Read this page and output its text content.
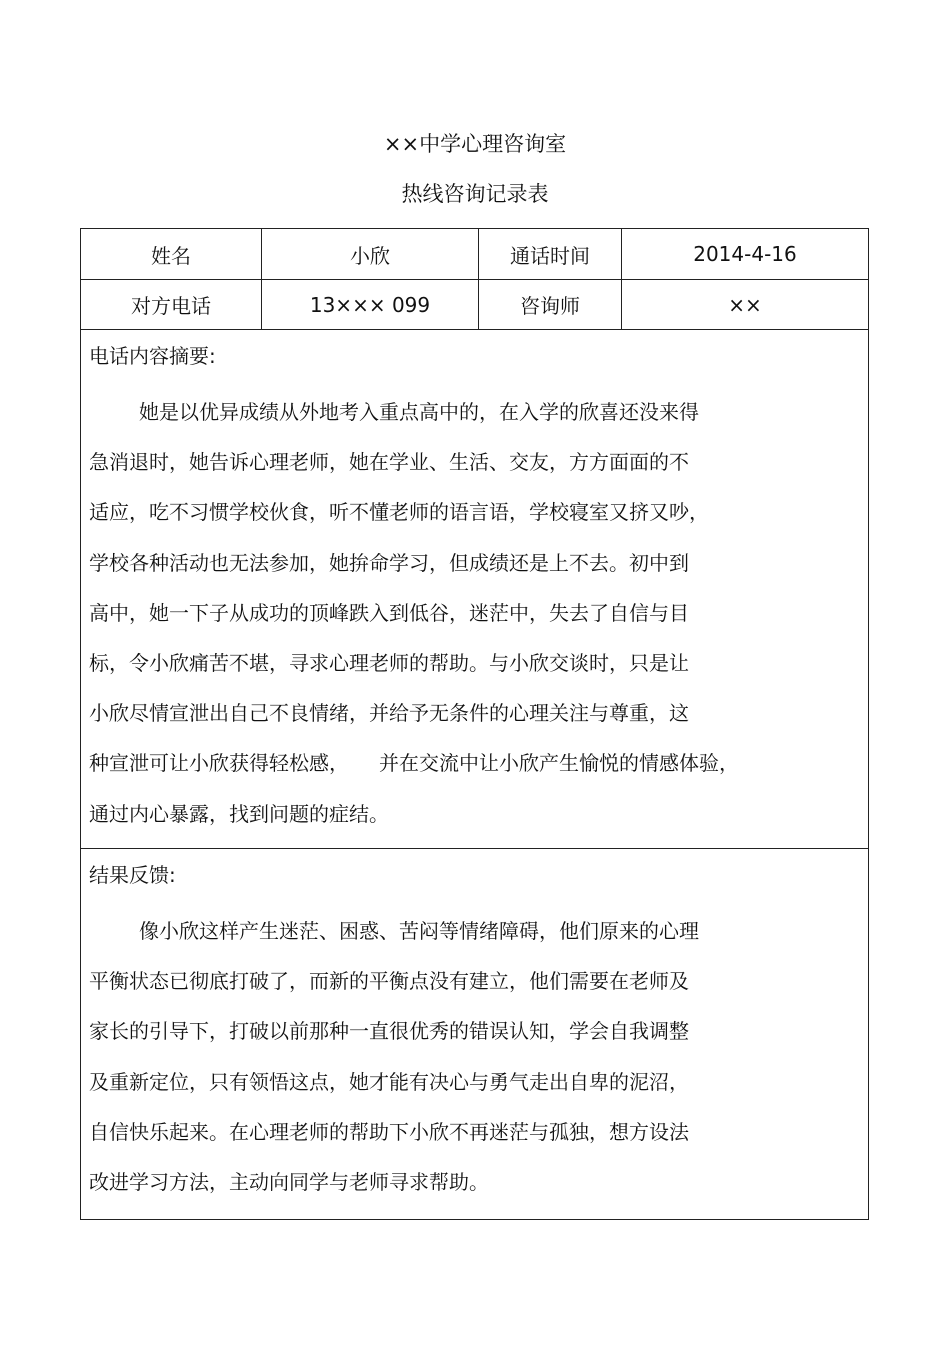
××中学心理咨询室
热线咨询记录表
姓名	小欣	通话时间	2014-4-16
对方电话	13××× 099	咨询师	××
电话内容摘要:
她是以优异成绩从外地考入重点高中的，在入学的欣喜还没来得
急消退时，她告诉心理老师，她在学业、生活、交友，方方面面的不
适应，吃不习惯学校伙食，听不懂老师的语言语，学校寝室又挤又吵，
学校各种活动也无法参加，她拚命学习，但成绩还是上不去。初中到
高中，她一下子从成功的顶峰跌入到低谷，迷茫中，失去了自信与目
标，令小欣痛苦不堪，寻求心理老师的帮助。与小欣交谈时，只是让
小欣尽情宣泄出自己不良情绪，并给予无条件的心理关注与尊重，这
种宣泄可让小欣获得轻松感，　　并在交流中让小欣产生愉悦的情感体验，
通过内心暴露，找到问题的症结。
结果反馈:
像小欣这样产生迷茫、困惑、苦闷等情绪障碍，他们原来的心理
平衡状态已彻底打破了，而新的平衡点没有建立，他们需要在老师及
家长的引导下，打破以前那种一直很优秀的错误认知，学会自我调整
及重新定位，只有领悟这点，她才能有决心与勇气走出自卑的泥沼，
自信快乐起来。在心理老师的帮助下小欣不再迷茫与孤独，想方设法
改进学习方法，主动向同学与老师寻求帮助。
